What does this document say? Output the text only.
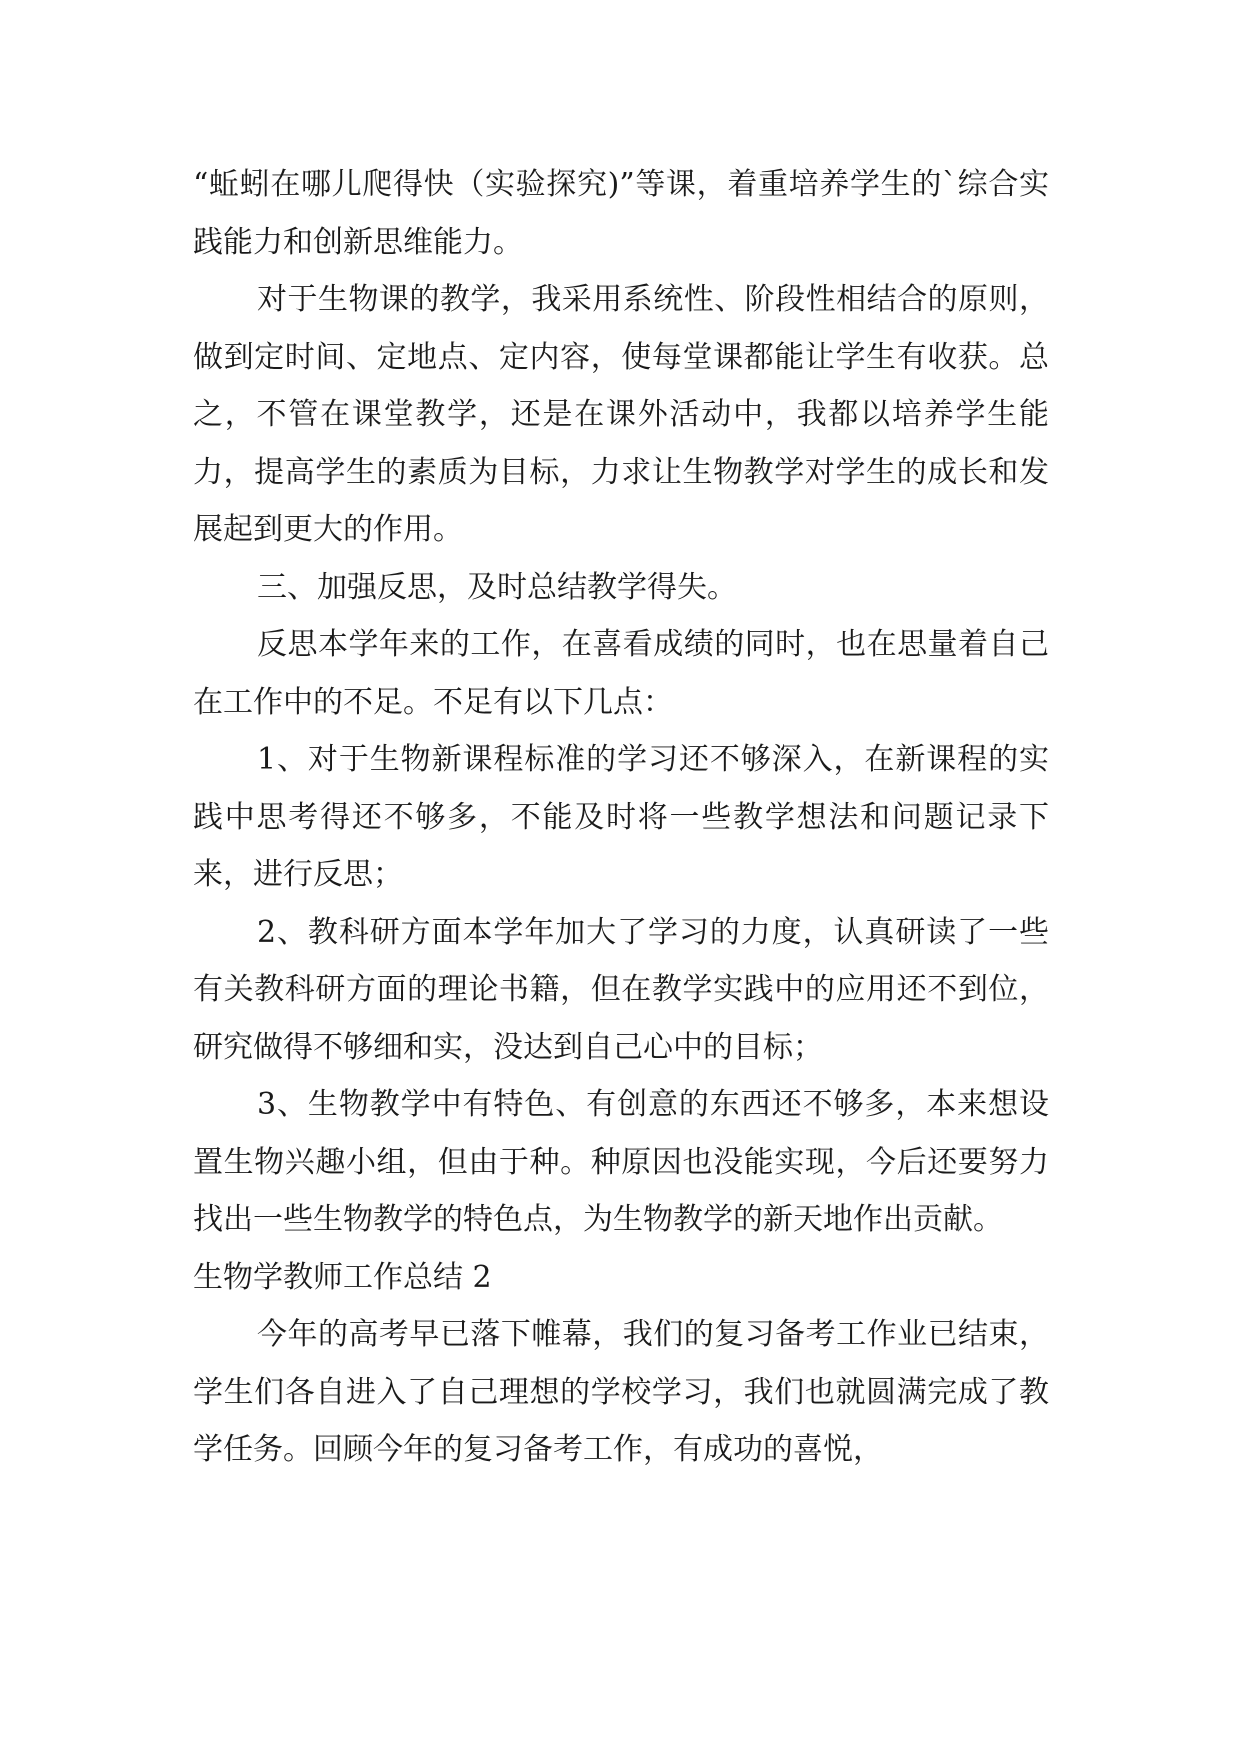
“蚯蚓在哪儿爬得快（实验探究)”等课，着重培养学生的`综合实践能力和创新思维能力。

对于生物课的教学，我采用系统性、阶段性相结合的原则，做到定时间、定地点、定内容，使每堂课都能让学生有收获。总之，不管在课堂教学，还是在课外活动中，我都以培养学生能力，提高学生的素质为目标，力求让生物教学对学生的成长和发展起到更大的作用。

三、加强反思，及时总结教学得失。

反思本学年来的工作，在喜看成绩的同时，也在思量着自己在工作中的不足。不足有以下几点：

1、对于生物新课程标准的学习还不够深入，在新课程的实践中思考得还不够多，不能及时将一些教学想法和问题记录下来，进行反思；

2、教科研方面本学年加大了学习的力度，认真研读了一些有关教科研方面的理论书籍，但在教学实践中的应用还不到位，研究做得不够细和实，没达到自己心中的目标；

3、生物教学中有特色、有创意的东西还不够多，本来想设置生物兴趣小组，但由于种。种原因也没能实现，今后还要努力找出一些生物教学的特色点，为生物教学的新天地作出贡献。

生物学教师工作总结 2

今年的高考早已落下帷幕，我们的复习备考工作业已结束，学生们各自进入了自己理想的学校学习，我们也就圆满完成了教学任务。回顾今年的复习备考工作，有成功的喜悦，
